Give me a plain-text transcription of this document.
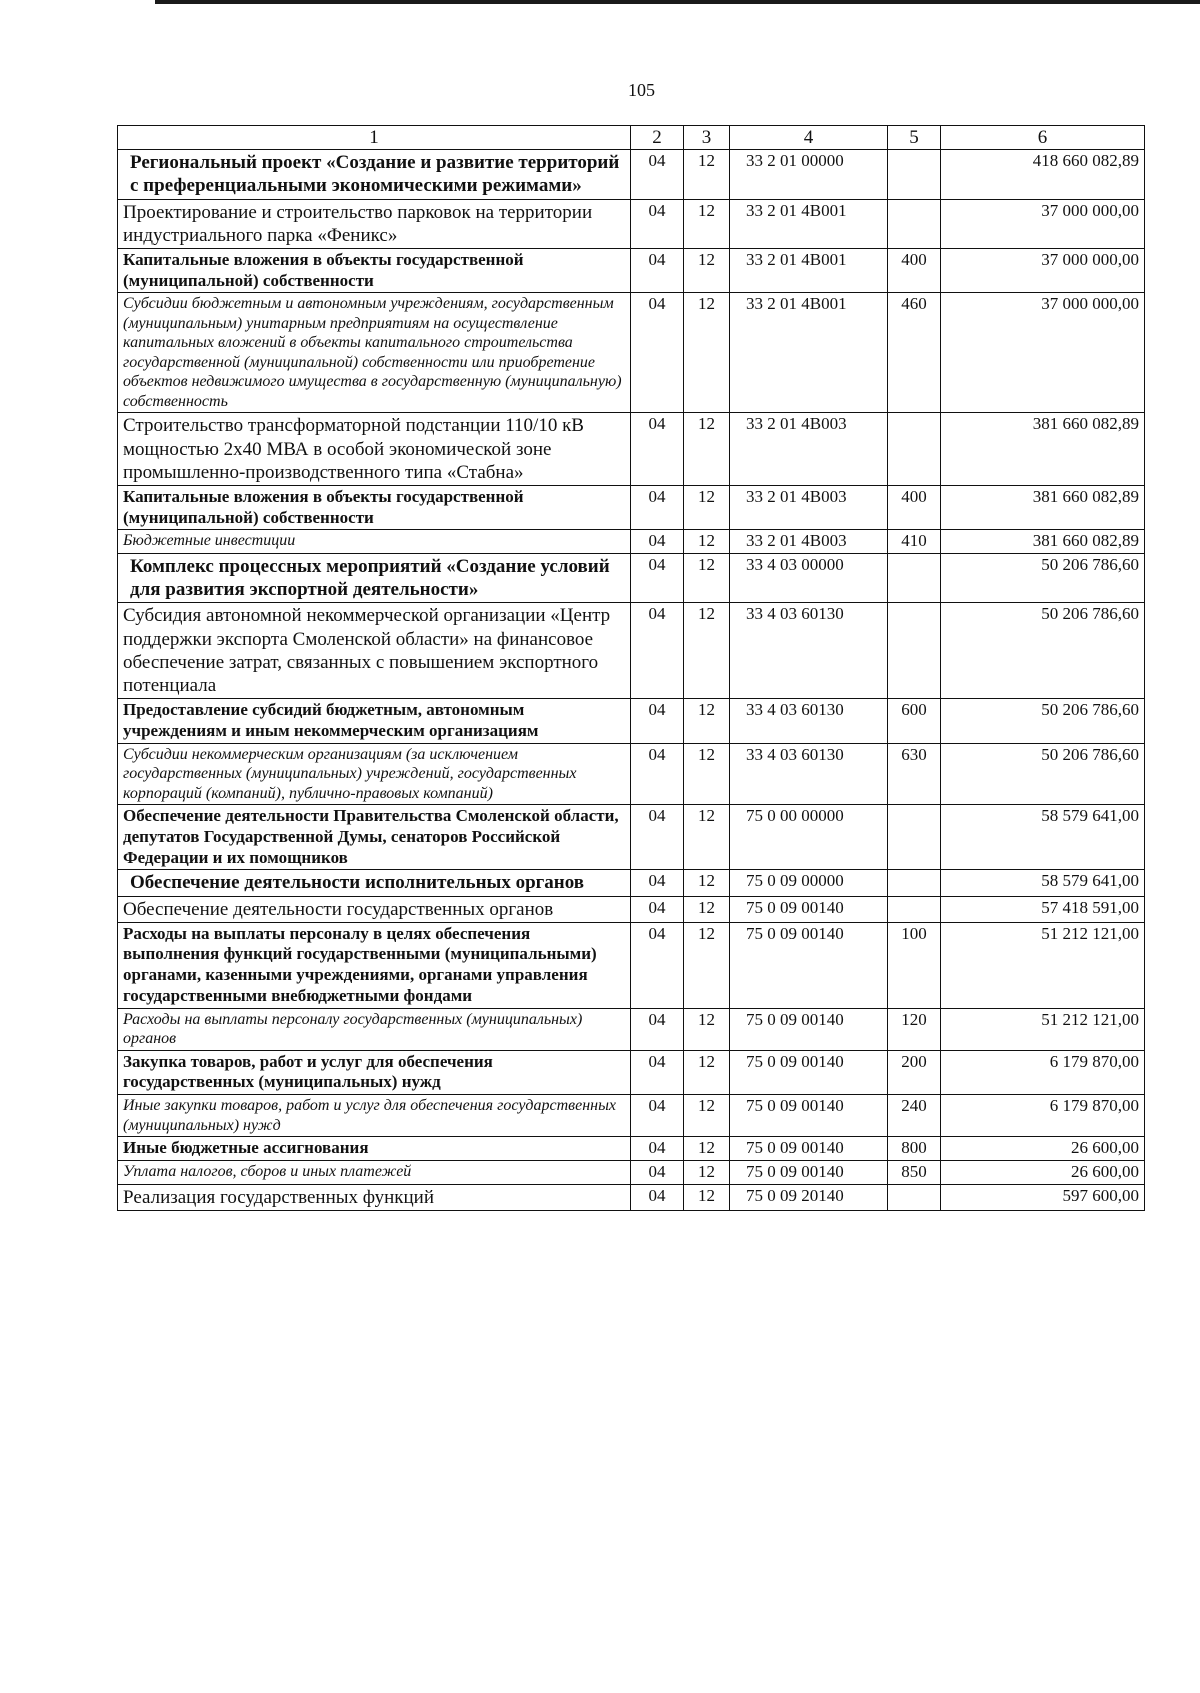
105
1	2	3	4	5	6
Региональный проект «Создание и развитие территорий с преференциальными экономическими режимами»	04	12	33 2 01 00000		418 660 082,89
Проектирование и строительство парковок на территории индустриального парка «Феникс»	04	12	33 2 01 4В001		37 000 000,00
Капитальные вложения в объекты государственной (муниципальной) собственности	04	12	33 2 01 4В001	400	37 000 000,00
Субсидии бюджетным и автономным учреждениям, государственным (муниципальным) унитарным предприятиям на осуществление капитальных вложений в объекты капитального строительства государственной (муниципальной) собственности или приобретение объектов недвижимого имущества в государственную (муниципальную) собственность	04	12	33 2 01 4В001	460	37 000 000,00
Строительство трансформаторной подстанции 110/10 кВ мощностью 2х40 МВА в особой экономической зоне промышленно-производственного типа «Стабна»	04	12	33 2 01 4В003		381 660 082,89
Капитальные вложения в объекты государственной (муниципальной) собственности	04	12	33 2 01 4В003	400	381 660 082,89
Бюджетные инвестиции	04	12	33 2 01 4В003	410	381 660 082,89
Комплекс процессных мероприятий «Создание условий для развития экспортной деятельности»	04	12	33 4 03 00000		50 206 786,60
Субсидия автономной некоммерческой организации «Центр поддержки экспорта Смоленской области» на финансовое обеспечение затрат, связанных с повышением экспортного потенциала	04	12	33 4 03 60130		50 206 786,60
Предоставление субсидий бюджетным, автономным учреждениям и иным некоммерческим организациям	04	12	33 4 03 60130	600	50 206 786,60
Субсидии некоммерческим организациям (за исключением государственных (муниципальных) учреждений, государственных корпораций (компаний), публично-правовых компаний)	04	12	33 4 03 60130	630	50 206 786,60
Обеспечение деятельности Правительства Смоленской области, депутатов Государственной Думы, сенаторов Российской Федерации и их помощников	04	12	75 0 00 00000		58 579 641,00
Обеспечение деятельности исполнительных органов	04	12	75 0 09 00000		58 579 641,00
Обеспечение деятельности государственных органов	04	12	75 0 09 00140		57 418 591,00
Расходы на выплаты персоналу в целях обеспечения выполнения функций государственными (муниципальными) органами, казенными учреждениями, органами управления государственными внебюджетными фондами	04	12	75 0 09 00140	100	51 212 121,00
Расходы на выплаты персоналу государственных (муниципальных) органов	04	12	75 0 09 00140	120	51 212 121,00
Закупка товаров, работ и услуг для обеспечения государственных (муниципальных) нужд	04	12	75 0 09 00140	200	6 179 870,00
Иные закупки товаров, работ и услуг для обеспечения государственных (муниципальных) нужд	04	12	75 0 09 00140	240	6 179 870,00
Иные бюджетные ассигнования	04	12	75 0 09 00140	800	26 600,00
Уплата налогов, сборов и иных платежей	04	12	75 0 09 00140	850	26 600,00
Реализация государственных функций	04	12	75 0 09 20140		597 600,00
